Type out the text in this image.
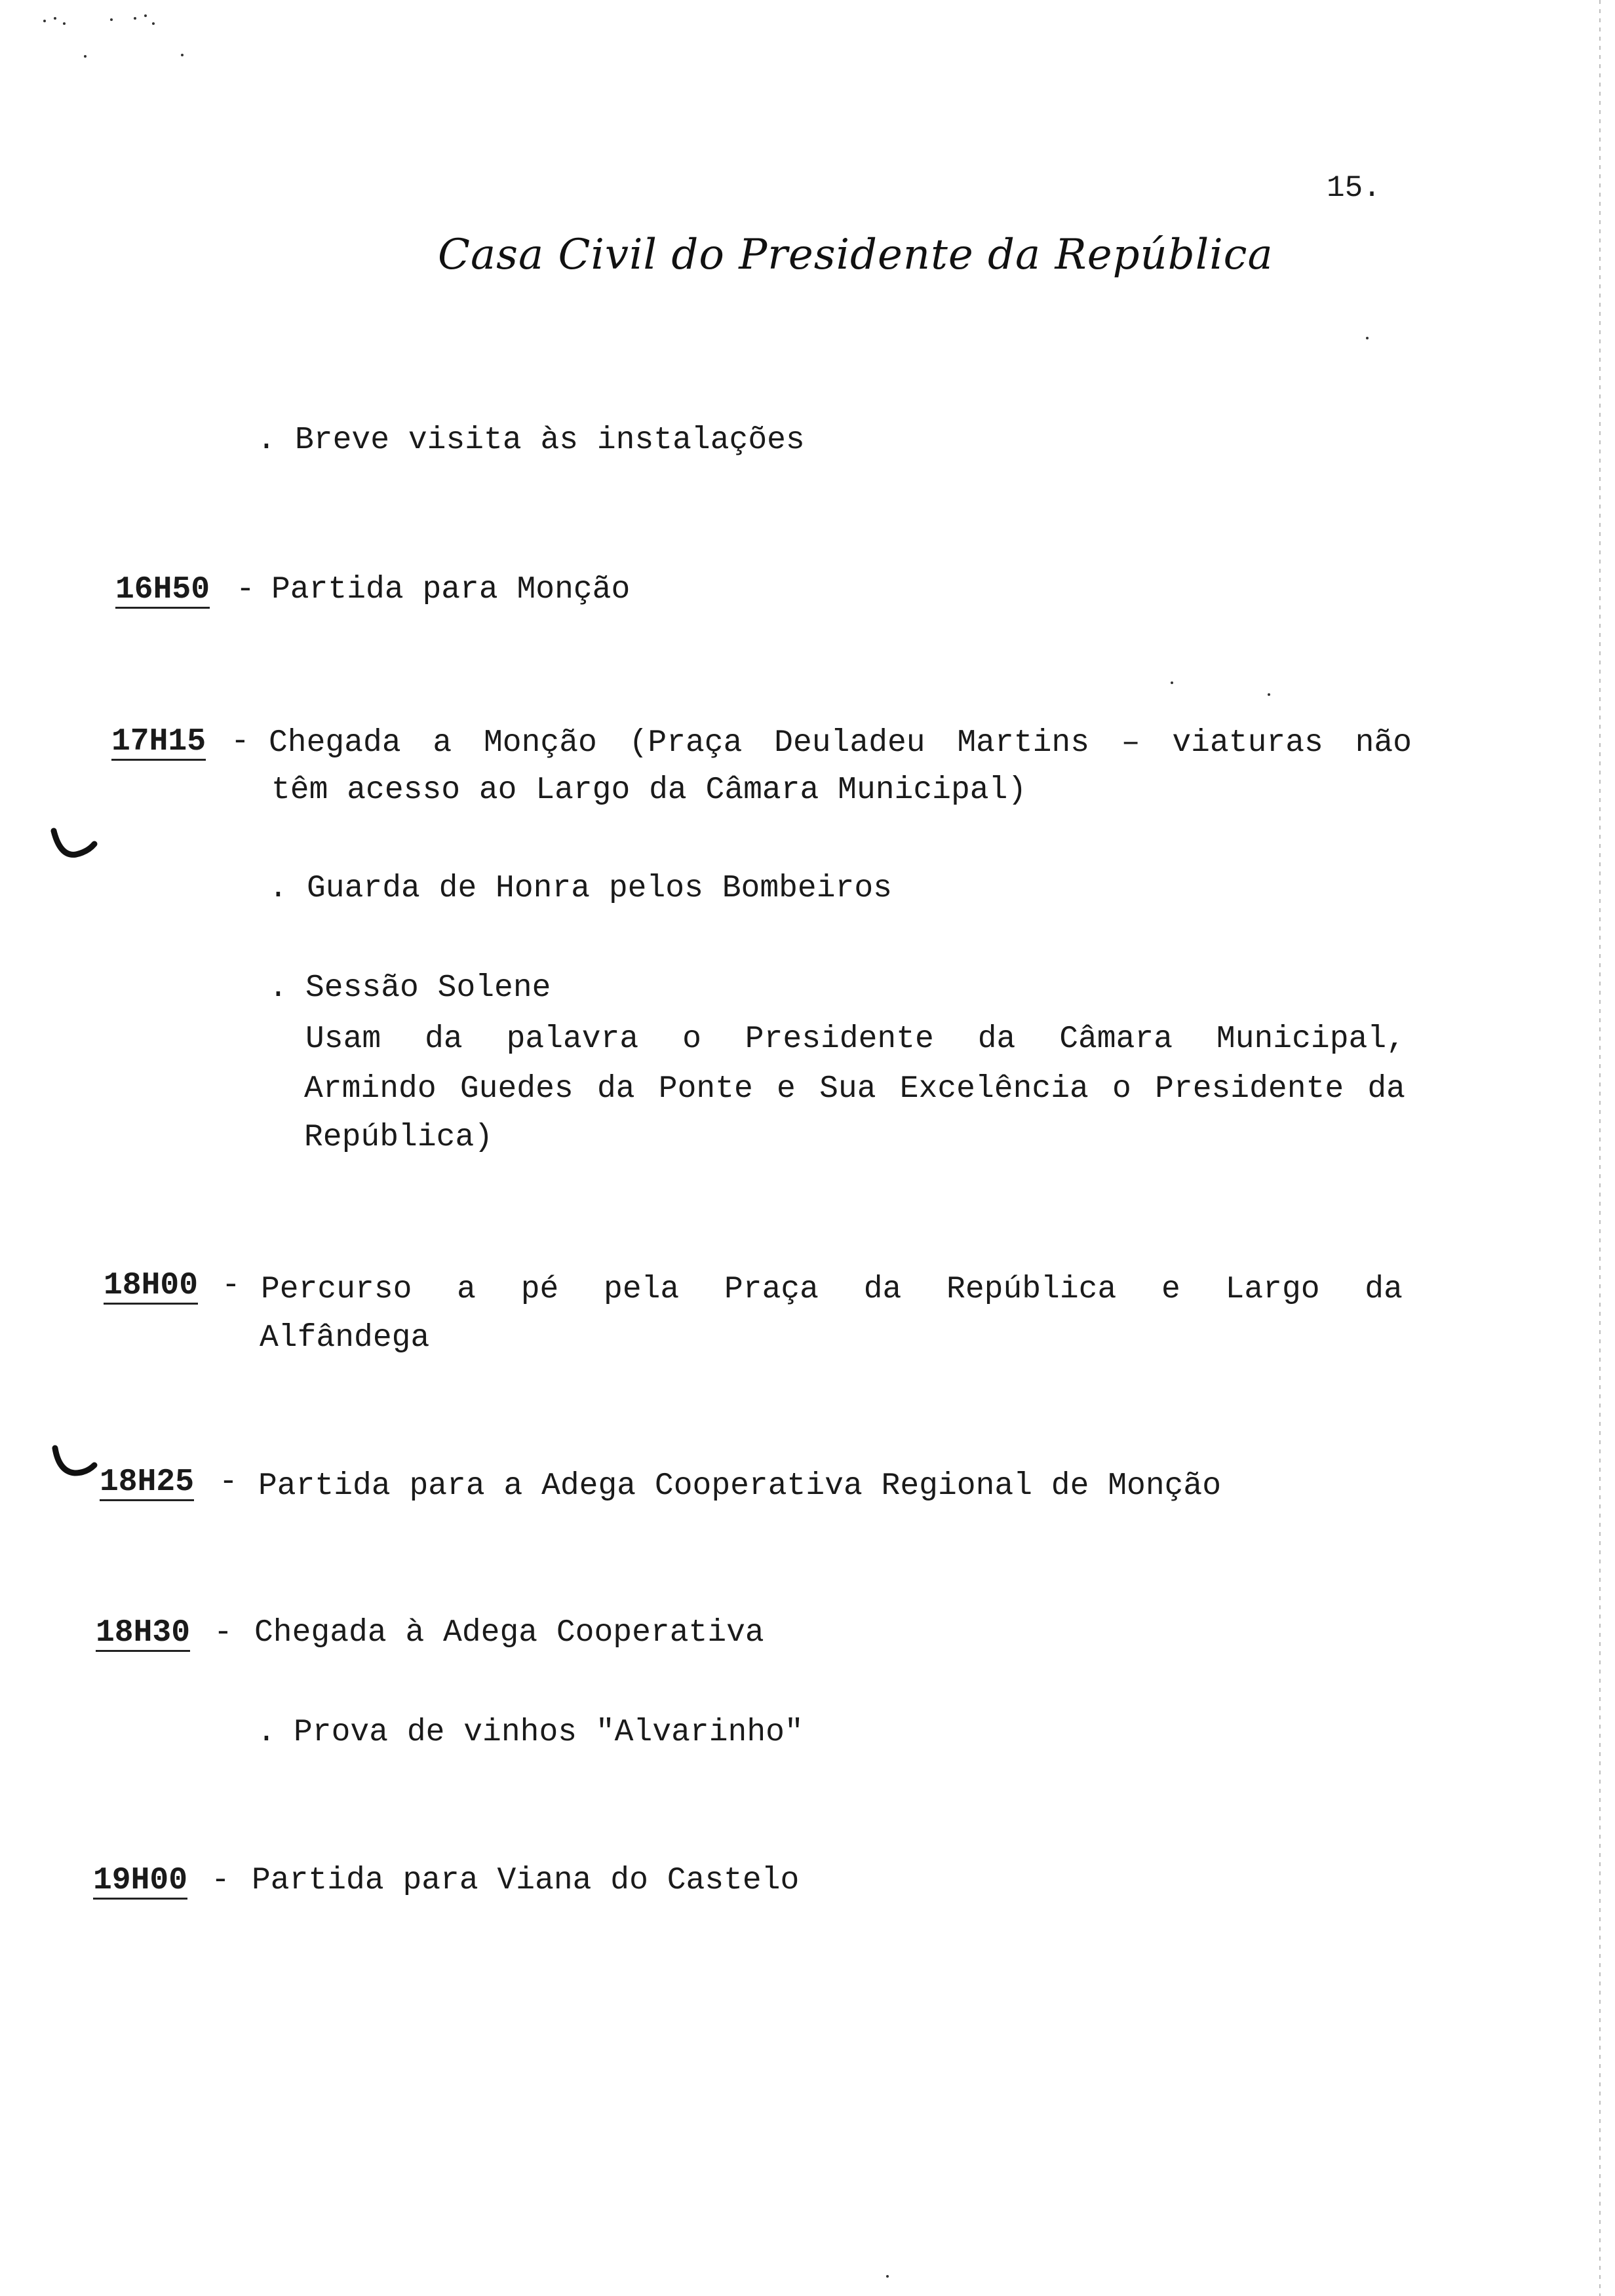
15.
Casa Civil do Presidente da República
. Breve visita às instalações
16H50 - Partida para Monção
17H15 - Chegada a Monção (Praça Deuladeu Martins – viaturas não
têm acesso ao Largo da Câmara Municipal)
. Guarda de Honra pelos Bombeiros
. Sessão Solene
Usam da palavra o Presidente da Câmara Municipal,
Armindo Guedes da Ponte e Sua Excelência o Presidente da
República)
18H00 - Percurso a pé pela Praça da República e Largo da
Alfândega
18H25 - Partida para a Adega Cooperativa Regional de Monção
18H30 - Chegada à Adega Cooperativa
. Prova de vinhos "Alvarinho"
19H00 - Partida para Viana do Castelo
